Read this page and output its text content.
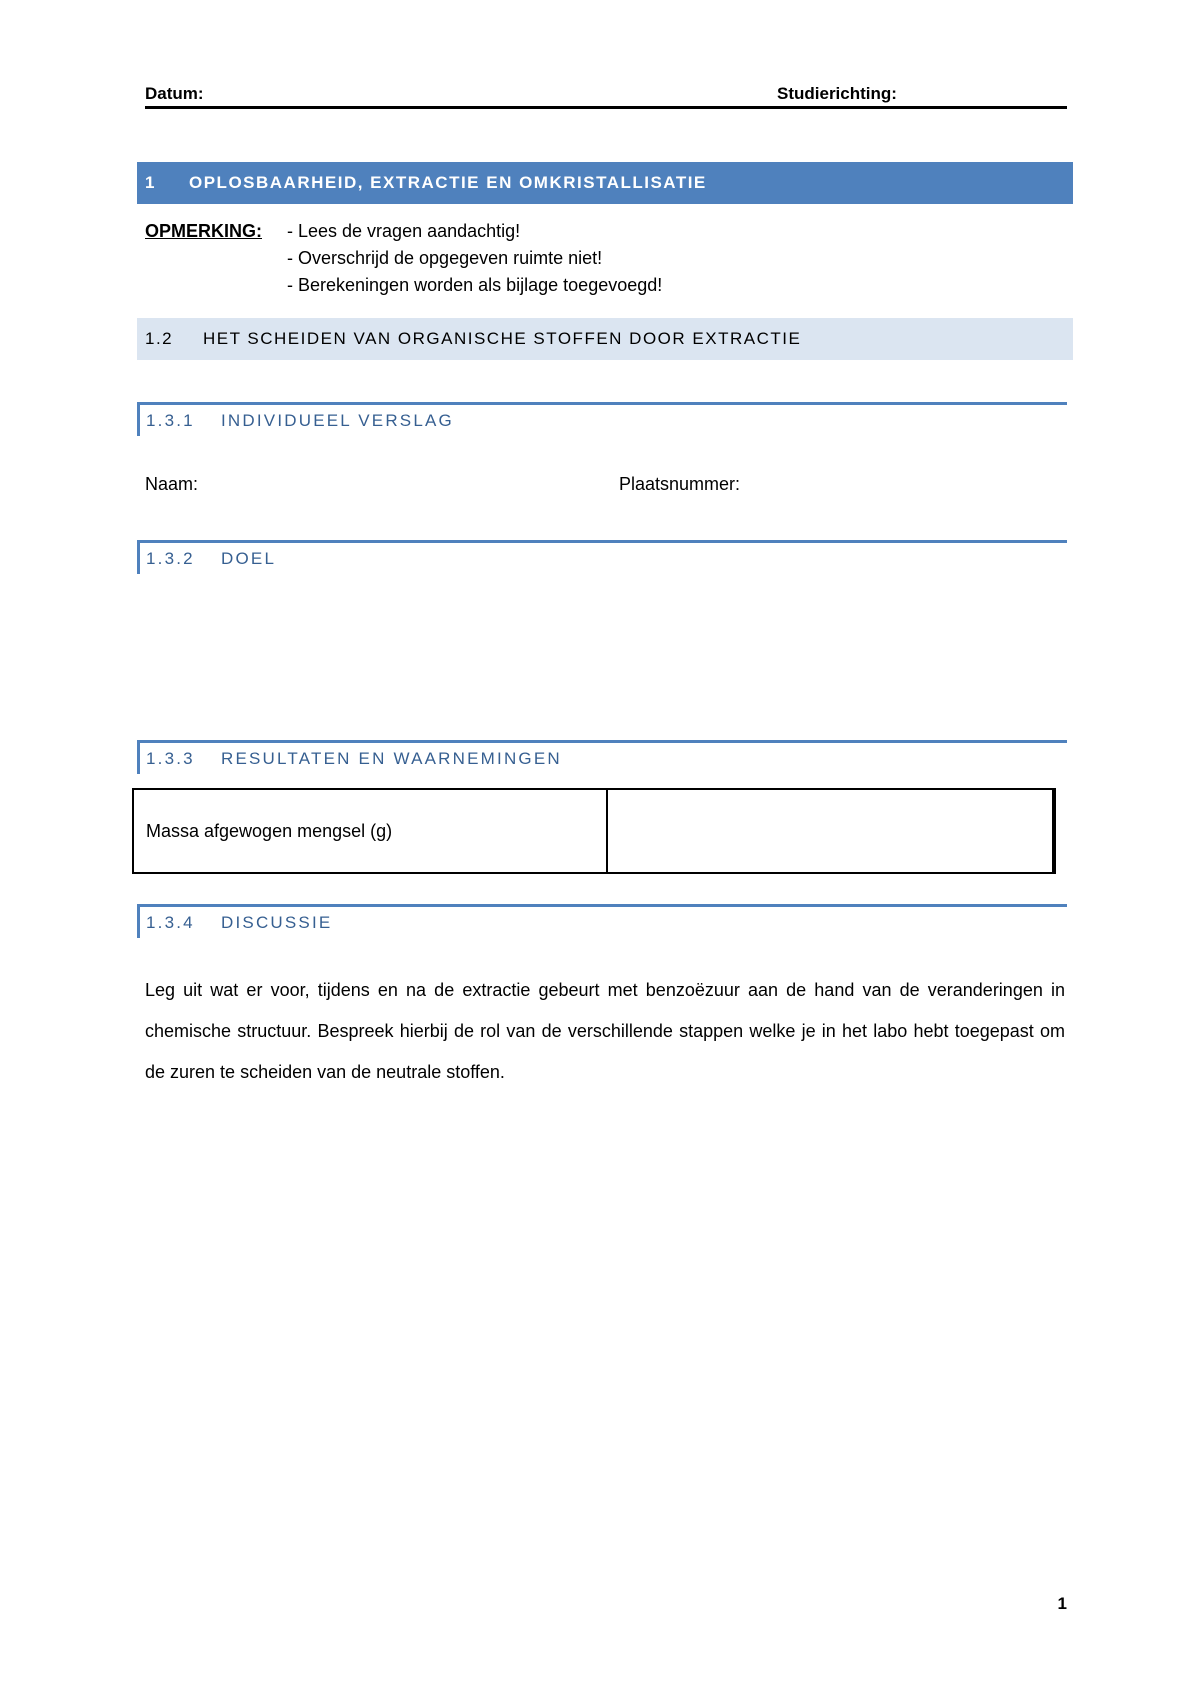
Datum:	Studierichting:
1	OPLOSBAARHEID, EXTRACTIE EN OMKRISTALLISATIE
OPMERKING: - Lees de vragen aandachtig!
- Overschrijd de opgegeven ruimte niet!
- Berekeningen worden als bijlage toegevoegd!
1.2	HET SCHEIDEN VAN ORGANISCHE STOFFEN DOOR EXTRACTIE
1.3.1	INDIVIDUEEL VERSLAG
Naam:	Plaatsnummer:
1.3.2	DOEL
1.3.3	RESULTATEN EN WAARNEMINGEN
Massa afgewogen mengsel (g)
1.3.4	DISCUSSIE
Leg uit wat er voor, tijdens en na de extractie gebeurt met benzoëzuur aan de hand van de veranderingen in chemische structuur. Bespreek hierbij de rol van de verschillende stappen welke je in het labo hebt toegepast om de zuren te scheiden van de neutrale stoffen.
1
